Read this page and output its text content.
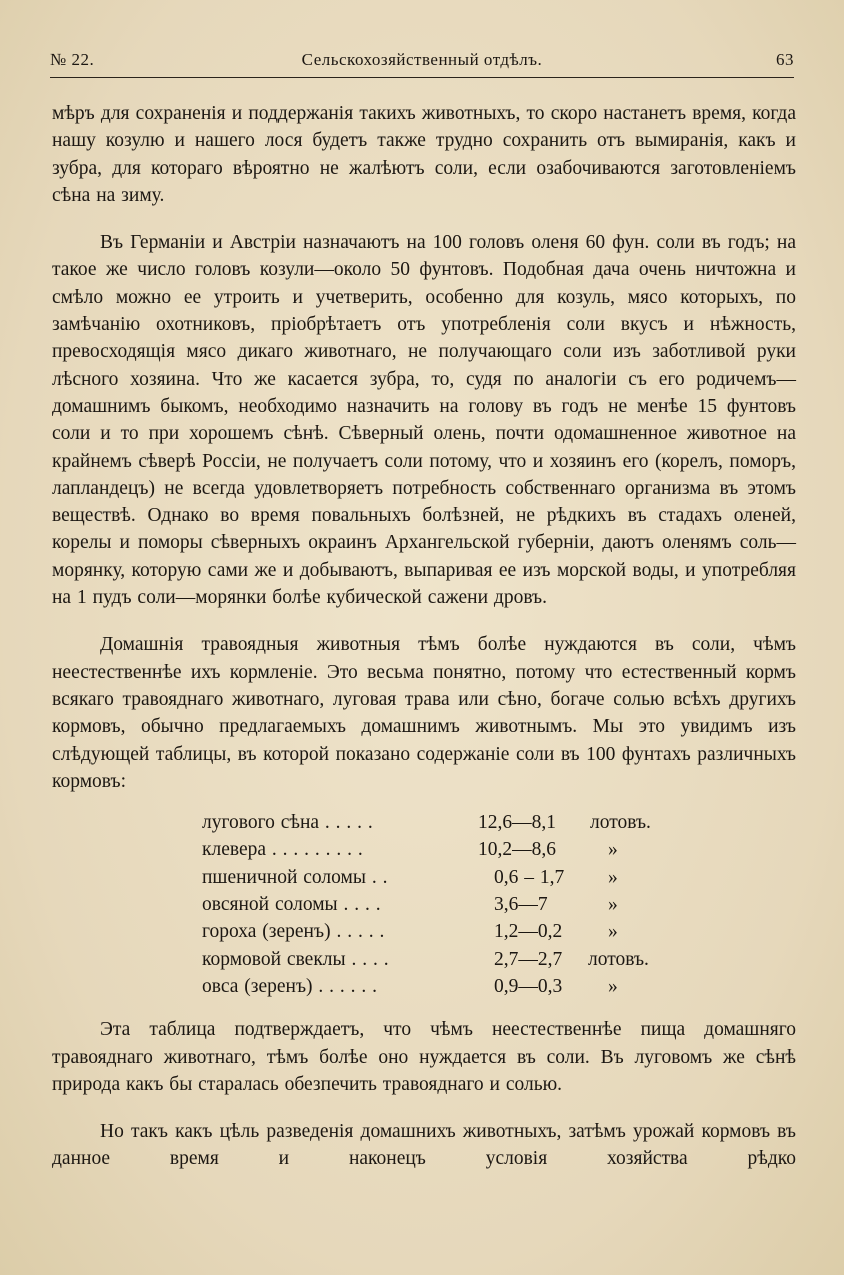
№ 22.	Сельскохозяйственный отдѣлъ.	63

мѣръ для сохраненія и поддержанія такихъ животныхъ, то скоро настанетъ время, когда нашу козулю и нашего лося будетъ также трудно сохранить отъ вымиранія, какъ и зубра, для котораго вѣроятно не жалѣютъ соли, если озабочиваются заготовленіемъ сѣна на зиму.

Въ Германіи и Австріи назначаютъ на 100 головъ оленя 60 фун. соли въ годъ; на такое же число головъ козули—около 50 фунтовъ. Подобная дача очень ничтожна и смѣло можно ее утроить и учетверить, особенно для козуль, мясо которыхъ, по замѣчанію охотниковъ, пріобрѣтаетъ отъ употребленія соли вкусъ и нѣжность, превосходящія мясо дикаго животнаго, не получающаго соли изъ заботливой руки лѣсного хозяина. Что же касается зубра, то, судя по аналогіи съ его родичемъ—домашнимъ быкомъ, необходимо назначить на голову въ годъ не менѣе 15 фунтовъ соли и то при хорошемъ сѣнѣ. Сѣверный олень, почти одомашненное животное на крайнемъ сѣверѣ Россіи, не получаетъ соли потому, что и хозяинъ его (корелъ, поморъ, лапландецъ) не всегда удовлетворяетъ потребность собственнаго организма въ этомъ веществѣ. Однако во время повальныхъ болѣзней, не рѣдкихъ въ стадахъ оленей, корелы и поморы сѣверныхъ окраинъ Архангельской губерніи, даютъ оленямъ соль—морянку, которую сами же и добываютъ, выпаривая ее изъ морской воды, и употребляя на 1 пудъ соли—морянки болѣе кубической сажени дровъ.

Домашнія травоядныя животныя тѣмъ болѣе нуждаются въ соли, чѣмъ неестественнѣе ихъ кормленіе. Это весьма понятно, потому что естественный кормъ всякаго травояднаго животнаго, луговая трава или сѣно, богаче солью всѣхъ другихъ кормовъ, обычно предлагаемыхъ домашнимъ животнымъ. Мы это увидимъ изъ слѣдующей таблицы, въ которой показано содержаніе соли въ 100 фунтахъ различныхъ кормовъ:

лугового сѣна . . . . .	12,6—8,1	лотовъ.
клевера . . . . . . . . .	10,2—8,6	»
пшеничной соломы . .	0,6 – 1,7	»
овсяной соломы . . . .	3,6—7	»
гороха (зеренъ) . . . . .	1,2—0,2	»
кормовой свеклы . . . .	2,7—2,7	лотовъ.
овса (зеренъ) . . . . . .	0,9—0,3	»

Эта таблица подтверждаетъ, что чѣмъ неестественнѣе пища домашняго травояднаго животнаго, тѣмъ болѣе оно нуждается въ соли. Въ луговомъ же сѣнѣ природа какъ бы старалась обезпечить травояднаго и солью.

Но такъ какъ цѣль разведенія домашнихъ животныхъ, затѣмъ урожай кормовъ въ данное время и наконецъ условія хозяйства рѣдко
